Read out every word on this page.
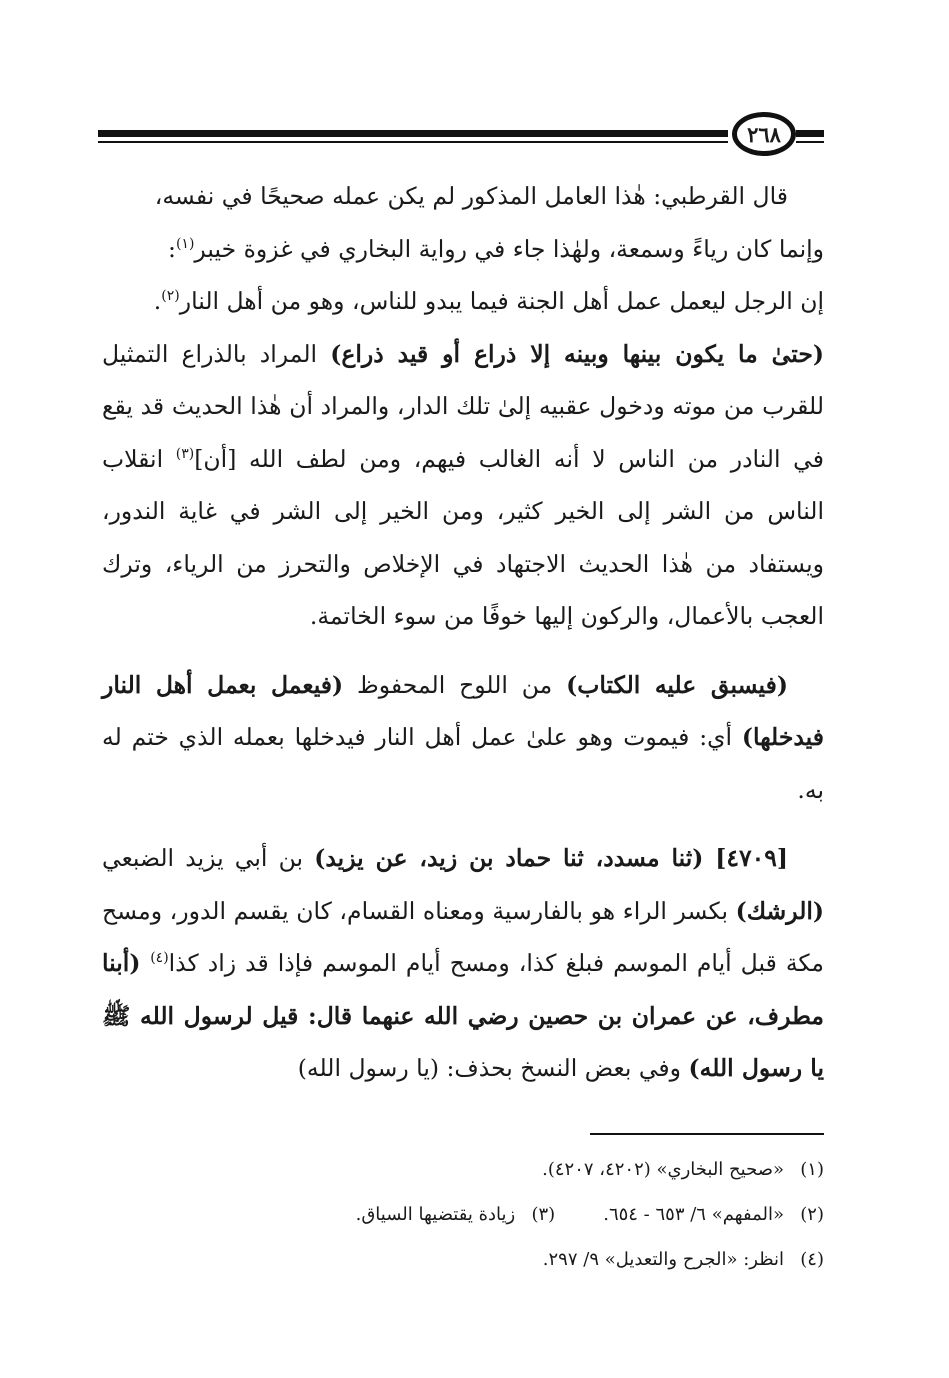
٢٦٨

قال القرطبي: هٰذا العامل المذكور لم يكن عمله صحيحًا في نفسه،
وإنما كان رياءً وسمعة، ولهٰذا جاء في رواية البخاري في غزوة خيبر$^{(١)}$:
إن الرجل ليعمل عمل أهل الجنة فيما يبدو للناس، وهو من أهل النار$^{(٢)}$.

(حتىٰ ما يكون بينها وبينه إلا ذراع أو قيد ذراع) المراد بالذراع التمثيل للقرب من موته ودخول عقبيه إلىٰ تلك الدار، والمراد أن هٰذا الحديث قد يقع في النادر من الناس لا أنه الغالب فيهم، ومن لطف الله [أن]$^{(٣)}$ انقلاب الناس من الشر إلى الخير كثير، ومن الخير إلى الشر في غاية الندور، ويستفاد من هٰذا الحديث الاجتهاد في الإخلاص والتحرز من الرياء، وترك العجب بالأعمال، والركون إليها خوفًا من سوء الخاتمة.

(فيسبق عليه الكتاب) من اللوح المحفوظ (فيعمل بعمل أهل النار فيدخلها) أي: فيموت وهو علىٰ عمل أهل النار فيدخلها بعمله الذي ختم له به.

[٤٧٠٩] (ثنا مسدد، ثنا حماد بن زيد، عن يزيد) بن أبي يزيد الضبعي (الرشك) بكسر الراء هو بالفارسية ومعناه القسام، كان يقسم الدور، ومسح مكة قبل أيام الموسم فبلغ كذا، ومسح أيام الموسم فإذا قد زاد كذا$^{(٤)}$ (أبنا مطرف، عن عمران بن حصين رضي الله عنهما قال: قيل لرسول الله ﷺ يا رسول الله) وفي بعض النسخ بحذف: (يا رسول الله)

(١)«صحيح البخاري» (٤٢٠٢، ٤٢٠٧).

(٢)«المفهم» ٦/ ٦٥٣ - ٦٥٤.(٣)زيادة يقتضيها السياق.

(٤)انظر: «الجرح والتعديل» ٩/ ٢٩٧.
